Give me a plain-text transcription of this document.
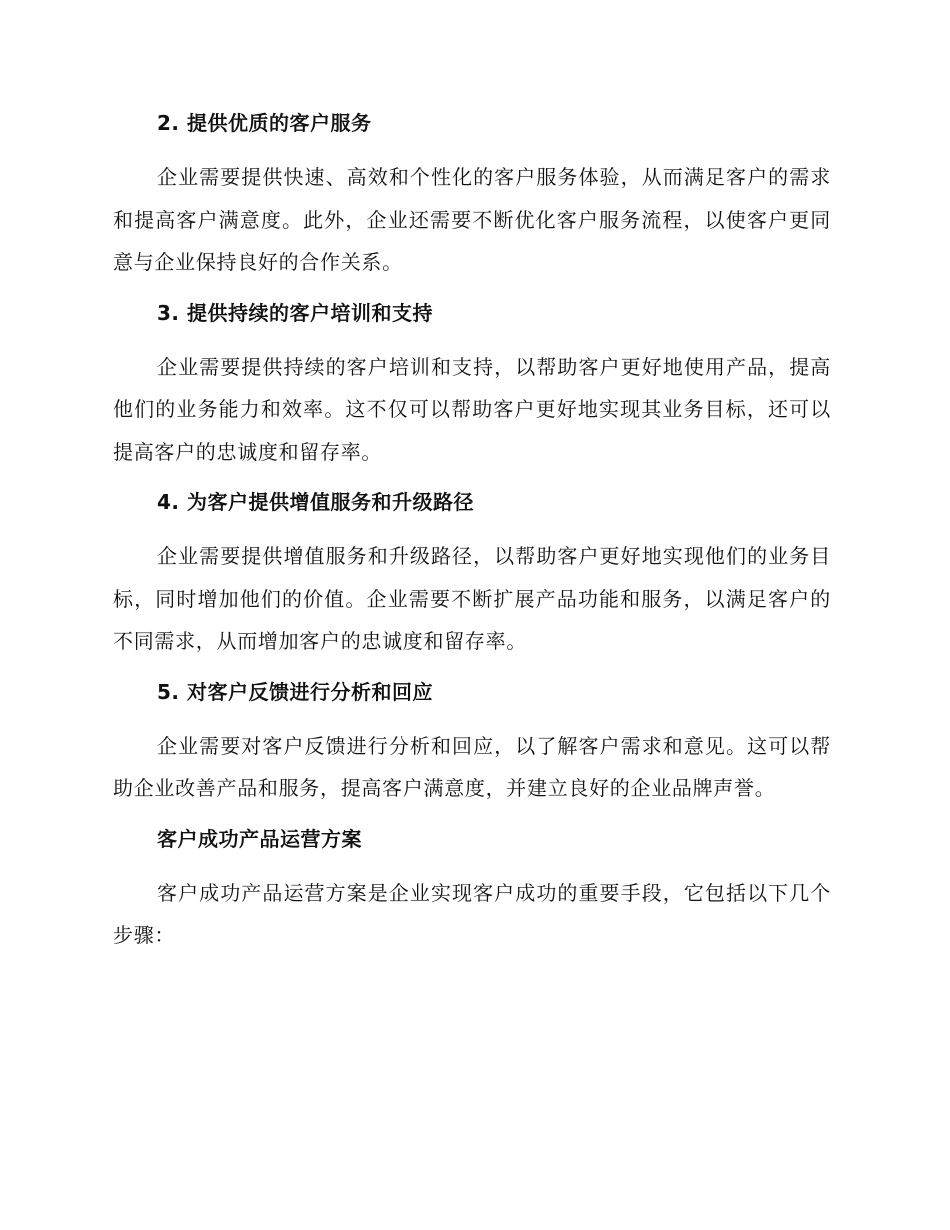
2. 提供优质的客户服务
企业需要提供快速、高效和个性化的客户服务体验，从而满足客户的需求和提高客户满意度。此外，企业还需要不断优化客户服务流程，以使客户更同意与企业保持良好的合作关系。
3. 提供持续的客户培训和支持
企业需要提供持续的客户培训和支持，以帮助客户更好地使用产品，提高他们的业务能力和效率。这不仅可以帮助客户更好地实现其业务目标，还可以提高客户的忠诚度和留存率。
4. 为客户提供增值服务和升级路径
企业需要提供增值服务和升级路径，以帮助客户更好地实现他们的业务目标，同时增加他们的价值。企业需要不断扩展产品功能和服务，以满足客户的不同需求，从而增加客户的忠诚度和留存率。
5. 对客户反馈进行分析和回应
企业需要对客户反馈进行分析和回应，以了解客户需求和意见。这可以帮助企业改善产品和服务，提高客户满意度，并建立良好的企业品牌声誉。
客户成功产品运营方案
客户成功产品运营方案是企业实现客户成功的重要手段，它包括以下几个步骤：
